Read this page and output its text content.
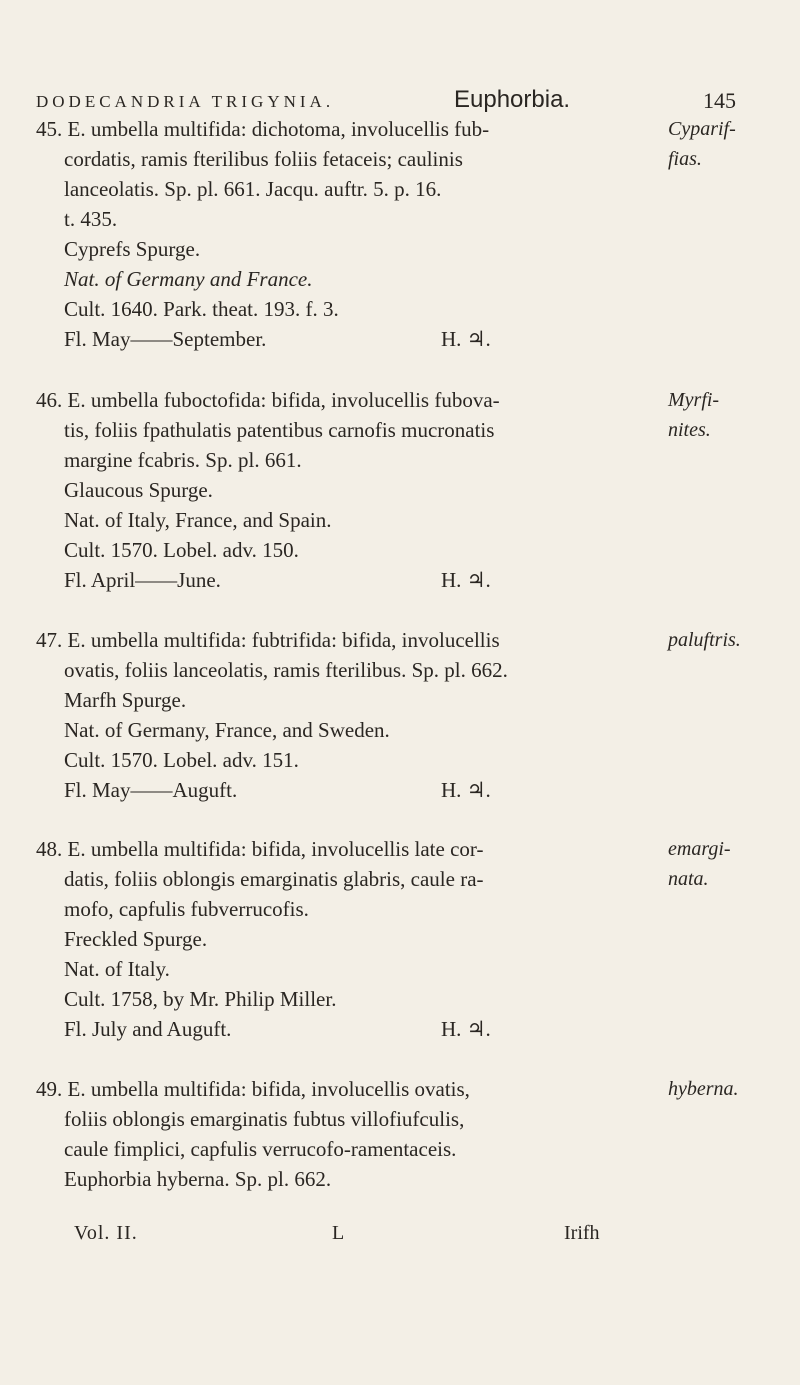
DODECANDRIA TRIGYNIA.	Euphorbia.	145
45. E. umbella multifida: dichotoma, involucellis fub-
cordatis, ramis fterilibus foliis fetaceis; caulinis
lanceolatis. Sp. pl. 661. Jacqu. auftr. 5. p. 16.
t. 435.
Cyprefs Spurge.
Nat. of Germany and France.
Cult. 1640. Park. theat. 193. f. 3.
Fl. May——September.	H. ♃.
Cyparif-
fias.
46. E. umbella fuboctofida: bifida, involucellis fubova-
tis, foliis fpathulatis patentibus carnofis mucronatis
margine fcabris. Sp. pl. 661.
Glaucous Spurge.
Nat. of Italy, France, and Spain.
Cult. 1570. Lobel. adv. 150.
Fl. April——June.	H. ♃.
Myrfi-
nites.
47. E. umbella multifida: fubtrifida: bifida, involucellis
ovatis, foliis lanceolatis, ramis fterilibus. Sp. pl. 662.
Marfh Spurge.
Nat. of Germany, France, and Sweden.
Cult. 1570. Lobel. adv. 151.
Fl. May——Auguft.	H. ♃.
paluftris.
48. E. umbella multifida: bifida, involucellis late cor-
datis, foliis oblongis emarginatis glabris, caule ra-
mofo, capfulis fubverrucofis.
Freckled Spurge.
Nat. of Italy.
Cult. 1758, by Mr. Philip Miller.
Fl. July and Auguft.	H. ♃.
emargi-
nata.
49. E. umbella multifida: bifida, involucellis ovatis,
foliis oblongis emarginatis fubtus villofiufculis,
caule fimplici, capfulis verrucofo-ramentaceis.
Euphorbia hyberna. Sp. pl. 662.
hyberna.
Vol. II.	L	Irifh
